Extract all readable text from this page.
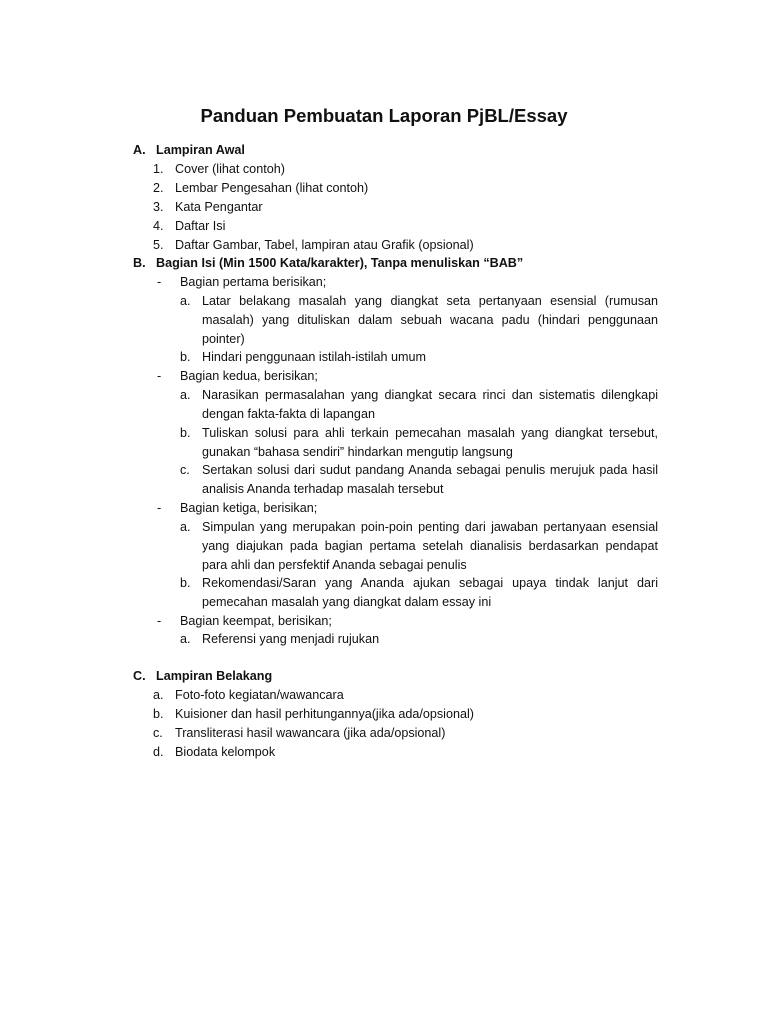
Panduan Pembuatan Laporan PjBL/Essay
A. Lampiran Awal
1. Cover (lihat contoh)
2. Lembar Pengesahan (lihat contoh)
3. Kata Pengantar
4. Daftar Isi
5. Daftar Gambar, Tabel, lampiran atau Grafik (opsional)
B. Bagian Isi (Min 1500 Kata/karakter), Tanpa menuliskan “BAB”
- Bagian pertama berisikan;
a. Latar belakang masalah yang diangkat seta pertanyaan esensial (rumusan masalah) yang dituliskan dalam sebuah wacana padu (hindari penggunaan pointer)
b. Hindari penggunaan istilah-istilah umum
- Bagian kedua, berisikan;
a. Narasikan permasalahan yang diangkat secara rinci dan sistematis dilengkapi dengan fakta-fakta di lapangan
b. Tuliskan solusi para ahli terkain pemecahan masalah yang diangkat tersebut, gunakan “bahasa sendiri” hindarkan mengutip langsung
c. Sertakan solusi dari sudut pandang Ananda sebagai penulis merujuk pada hasil analisis Ananda terhadap masalah tersebut
- Bagian ketiga, berisikan;
a. Simpulan yang merupakan poin-poin penting dari jawaban pertanyaan esensial yang diajukan pada bagian pertama setelah dianalisis berdasarkan pendapat para ahli dan persfektif Ananda sebagai penulis
b. Rekomendasi/Saran yang Ananda ajukan sebagai upaya tindak lanjut dari pemecahan masalah yang diangkat dalam essay ini
- Bagian keempat, berisikan;
a. Referensi yang menjadi rujukan
C. Lampiran Belakang
a. Foto-foto kegiatan/wawancara
b. Kuisioner dan hasil perhitungannya(jika ada/opsional)
c. Transliterasi hasil wawancara (jika ada/opsional)
d. Biodata kelompok
